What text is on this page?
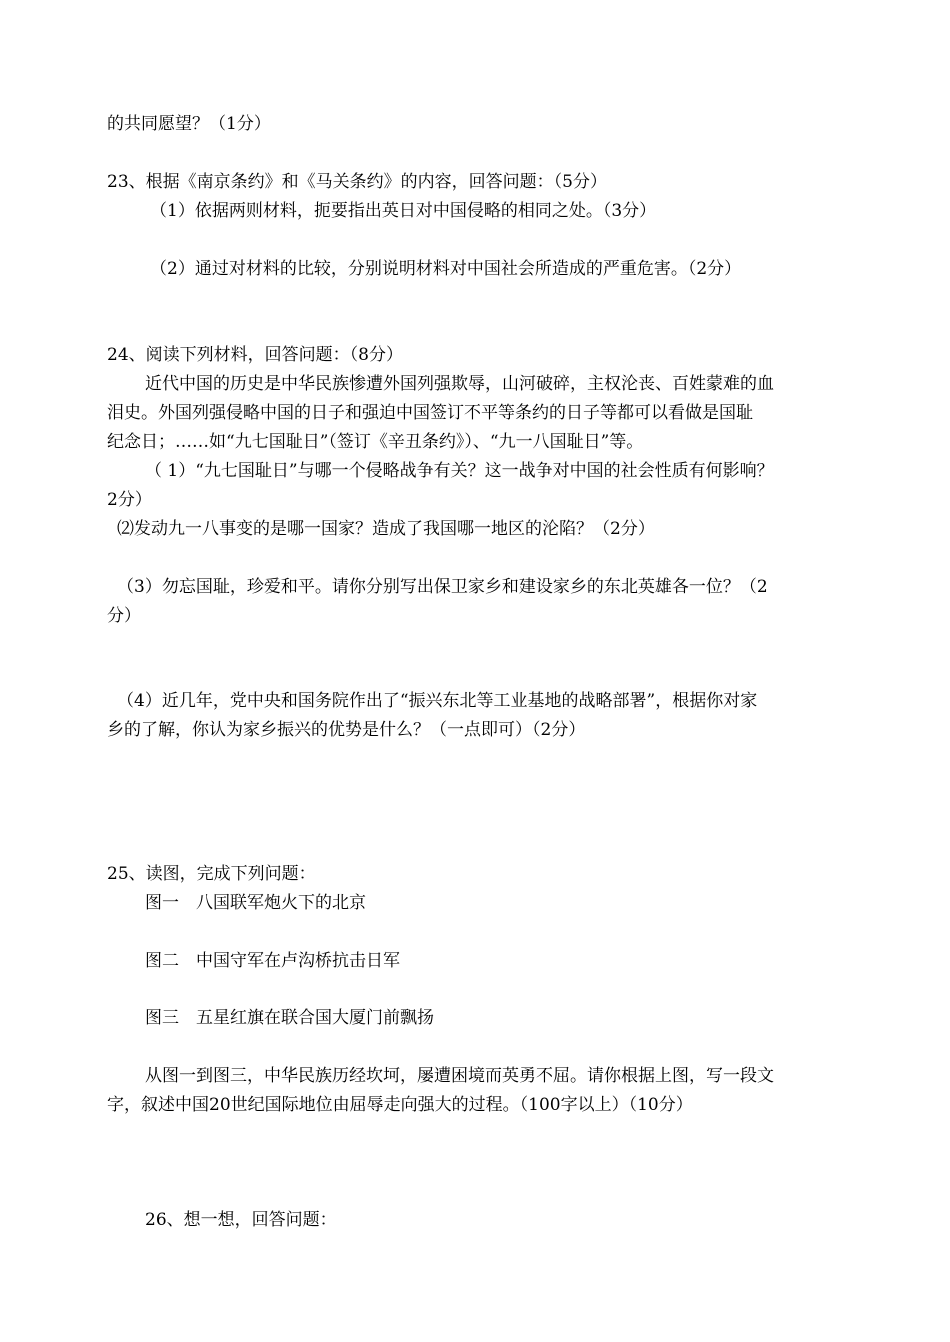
的共同愿望？（1分）
23、根据《南京条约》和《马关条约》的内容，回答问题：（5分）
（1）依据两则材料，扼要指出英日对中国侵略的相同之处。（3分）
（2）通过对材料的比较，分别说明材料对中国社会所造成的严重危害。（2分）
24、阅读下列材料，回答问题：（8分）
近代中国的历史是中华民族惨遭外国列强欺辱，山河破碎，主权沦丧、百姓蒙难的血
泪史。外国列强侵略中国的日子和强迫中国签订不平等条约的日子等都可以看做是国耻
纪念日；……如“九七国耻日”（签订《辛丑条约》）、“九一八国耻日”等。
（ 1）“九七国耻日”与哪一个侵略战争有关？这一战争对中国的社会性质有何影响？
2分）
⑵发动九一八事变的是哪一国家？造成了我国哪一地区的沦陷？（2分）
（3）勿忘国耻，珍爱和平。请你分别写出保卫家乡和建设家乡的东北英雄各一位？（2
分）
（4）近几年，党中央和国务院作出了“振兴东北等工业基地的战略部署”，根据你对家
乡的了解，你认为家乡振兴的优势是什么？（一点即可）（2分）
25、读图，完成下列问题：
图一　八国联军炮火下的北京
图二　中国守军在卢沟桥抗击日军
图三　五星红旗在联合国大厦门前飘扬
从图一到图三，中华民族历经坎坷，屡遭困境而英勇不屈。请你根据上图，写一段文
字，叙述中国20世纪国际地位由屈辱走向强大的过程。（100字以上）（10分）
26、想一想，回答问题：
